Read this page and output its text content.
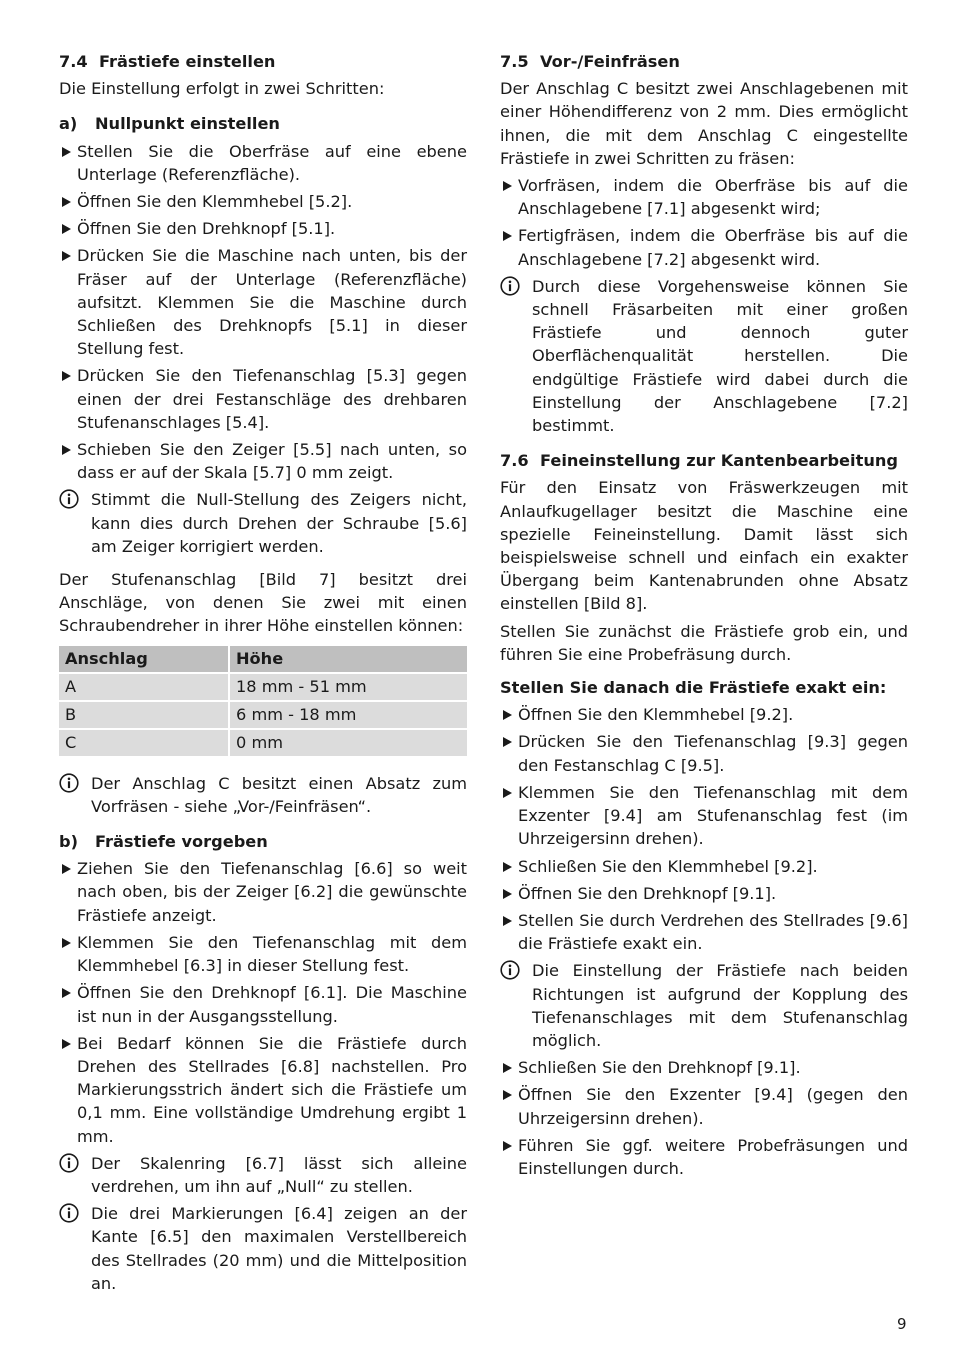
7.4 Frästiefe einstellen

Die Einstellung erfolgt in zwei Schritten:

a) Nullpunkt einstellen
Stellen Sie die Oberfräse auf eine ebene Unterlage (Referenzfläche).
Öffnen Sie den Klemmhebel [5.2].
Öffnen Sie den Drehknopf [5.1].
Drücken Sie die Maschine nach unten, bis der Fräser auf der Unterlage (Referenzfläche) aufsitzt. Klemmen Sie die Maschine durch Schließen des Drehknopfs [5.1] in dieser Stellung fest.
Drücken Sie den Tiefenanschlag [5.3] gegen einen der drei Festanschläge des drehbaren Stufenanschlages [5.4].
Schieben Sie den Zeiger [5.5] nach unten, so dass er auf der Skala [5.7] 0 mm zeigt.

Stimmt die Null-Stellung des Zeigers nicht, kann dies durch Drehen der Schraube [5.6] am Zeiger korrigiert werden.

Der Stufenanschlag [Bild 7] besitzt drei Anschläge, von denen Sie zwei mit einen Schraubendreher in ihrer Höhe einstellen können:

Anschlag	Höhe
A	18 mm - 51 mm
B	6 mm - 18 mm
C	0 mm

Der Anschlag C besitzt einen Absatz zum Vorfräsen - siehe „Vor-/Feinfräsen“.

b) Frästiefe vorgeben
Ziehen Sie den Tiefenanschlag [6.6] so weit nach oben, bis der Zeiger [6.2] die gewünschte Frästiefe anzeigt.
Klemmen Sie den Tiefenanschlag mit dem Klemmhebel [6.3] in dieser Stellung fest.
Öffnen Sie den Drehknopf [6.1]. Die Maschine ist nun in der Ausgangsstellung.
Bei Bedarf können Sie die Frästiefe durch Drehen des Stellrades [6.8] nachstellen. Pro Markierungsstrich ändert sich die Frästiefe um 0,1 mm. Eine vollständige Umdrehung ergibt 1 mm.

Der Skalenring [6.7] lässt sich alleine verdrehen, um ihn auf „Null“ zu stellen.

Die drei Markierungen [6.4] zeigen an der Kante [6.5] den maximalen Verstellbereich des Stellrades (20 mm) und die Mittelposition an.

7.5 Vor-/Feinfräsen

Der Anschlag C besitzt zwei Anschlagebenen mit einer Höhendifferenz von 2 mm. Dies ermöglicht ihnen, die mit dem Anschlag C eingestellte Frästiefe in zwei Schritten zu fräsen:

Vorfräsen, indem die Oberfräse bis auf die Anschlagebene [7.1] abgesenkt wird;
Fertigfräsen, indem die Oberfräse bis auf die Anschlagebene [7.2] abgesenkt wird.

Durch diese Vorgehensweise können Sie schnell Fräsarbeiten mit einer großen Frästiefe und dennoch guter Oberflächenqualität herstellen. Die endgültige Frästiefe wird dabei durch die Einstellung der Anschlagebene [7.2] bestimmt.

7.6 Feineinstellung zur Kantenbearbeitung

Für den Einsatz von Fräswerkzeugen mit Anlaufkugellager besitzt die Maschine eine spezielle Feineinstellung. Damit lässt sich beispielsweise schnell und einfach ein exakter Übergang beim Kantenabrunden ohne Absatz einstellen [Bild 8].

Stellen Sie zunächst die Frästiefe grob ein, und führen Sie eine Probefräsung durch.

Stellen Sie danach die Frästiefe exakt ein:
Öffnen Sie den Klemmhebel [9.2].
Drücken Sie den Tiefenanschlag [9.3] gegen den Festanschlag C [9.5].
Klemmen Sie den Tiefenanschlag mit dem Exzenter [9.4] am Stufenanschlag fest (im Uhrzeigersinn drehen).
Schließen Sie den Klemmhebel [9.2].
Öffnen Sie den Drehknopf [9.1].
Stellen Sie durch Verdrehen des Stellrades [9.6] die Frästiefe exakt ein.

Die Einstellung der Frästiefe nach beiden Richtungen ist aufgrund der Kopplung des Tiefenanschlages mit dem Stufenanschlag möglich.

Schließen Sie den Drehknopf [9.1].
Öffnen Sie den Exzenter [9.4] (gegen den Uhrzeigersinn drehen).
Führen Sie ggf. weitere Probefräsungen und Einstellungen durch.
9
